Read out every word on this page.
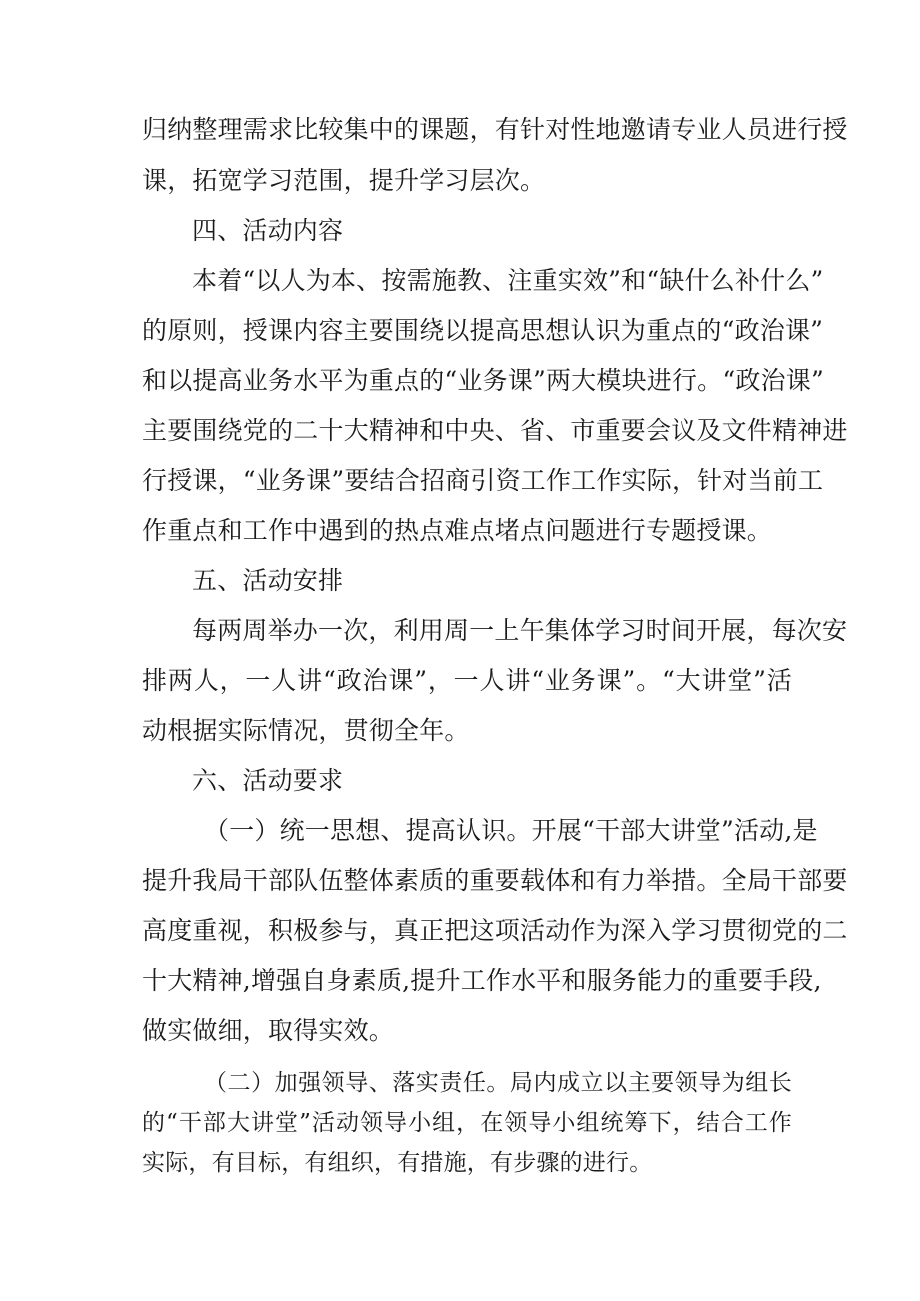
归纳整理需求比较集中的课题，有针对性地邀请专业人员进行授
课，拓宽学习范围，提升学习层次。
四、活动内容
本着“以人为本、按需施教、注重实效”和“缺什么补什么”
的原则，授课内容主要围绕以提高思想认识为重点的“政治课”
和以提高业务水平为重点的“业务课”两大模块进行。“政治课”
主要围绕党的二十大精神和中央、省、市重要会议及文件精神进
行授课，“业务课”要结合招商引资工作工作实际，针对当前工
作重点和工作中遇到的热点难点堵点问题进行专题授课。
五、活动安排
每两周举办一次，利用周一上午集体学习时间开展，每次安
排两人，一人讲“政治课”，一人讲“业务课”。“大讲堂”活
动根据实际情况，贯彻全年。
六、活动要求
（一）统一思想、提高认识。开展“干部大讲堂”活动,是
提升我局干部队伍整体素质的重要载体和有力举措。全局干部要
高度重视，积极参与，真正把这项活动作为深入学习贯彻党的二
十大精神,增强自身素质,提升工作水平和服务能力的重要手段,
做实做细，取得实效。
（二）加强领导、落实责任。局内成立以主要领导为组长
的“干部大讲堂”活动领导小组，在领导小组统筹下，结合工作
实际，有目标，有组织，有措施，有步骤的进行。
